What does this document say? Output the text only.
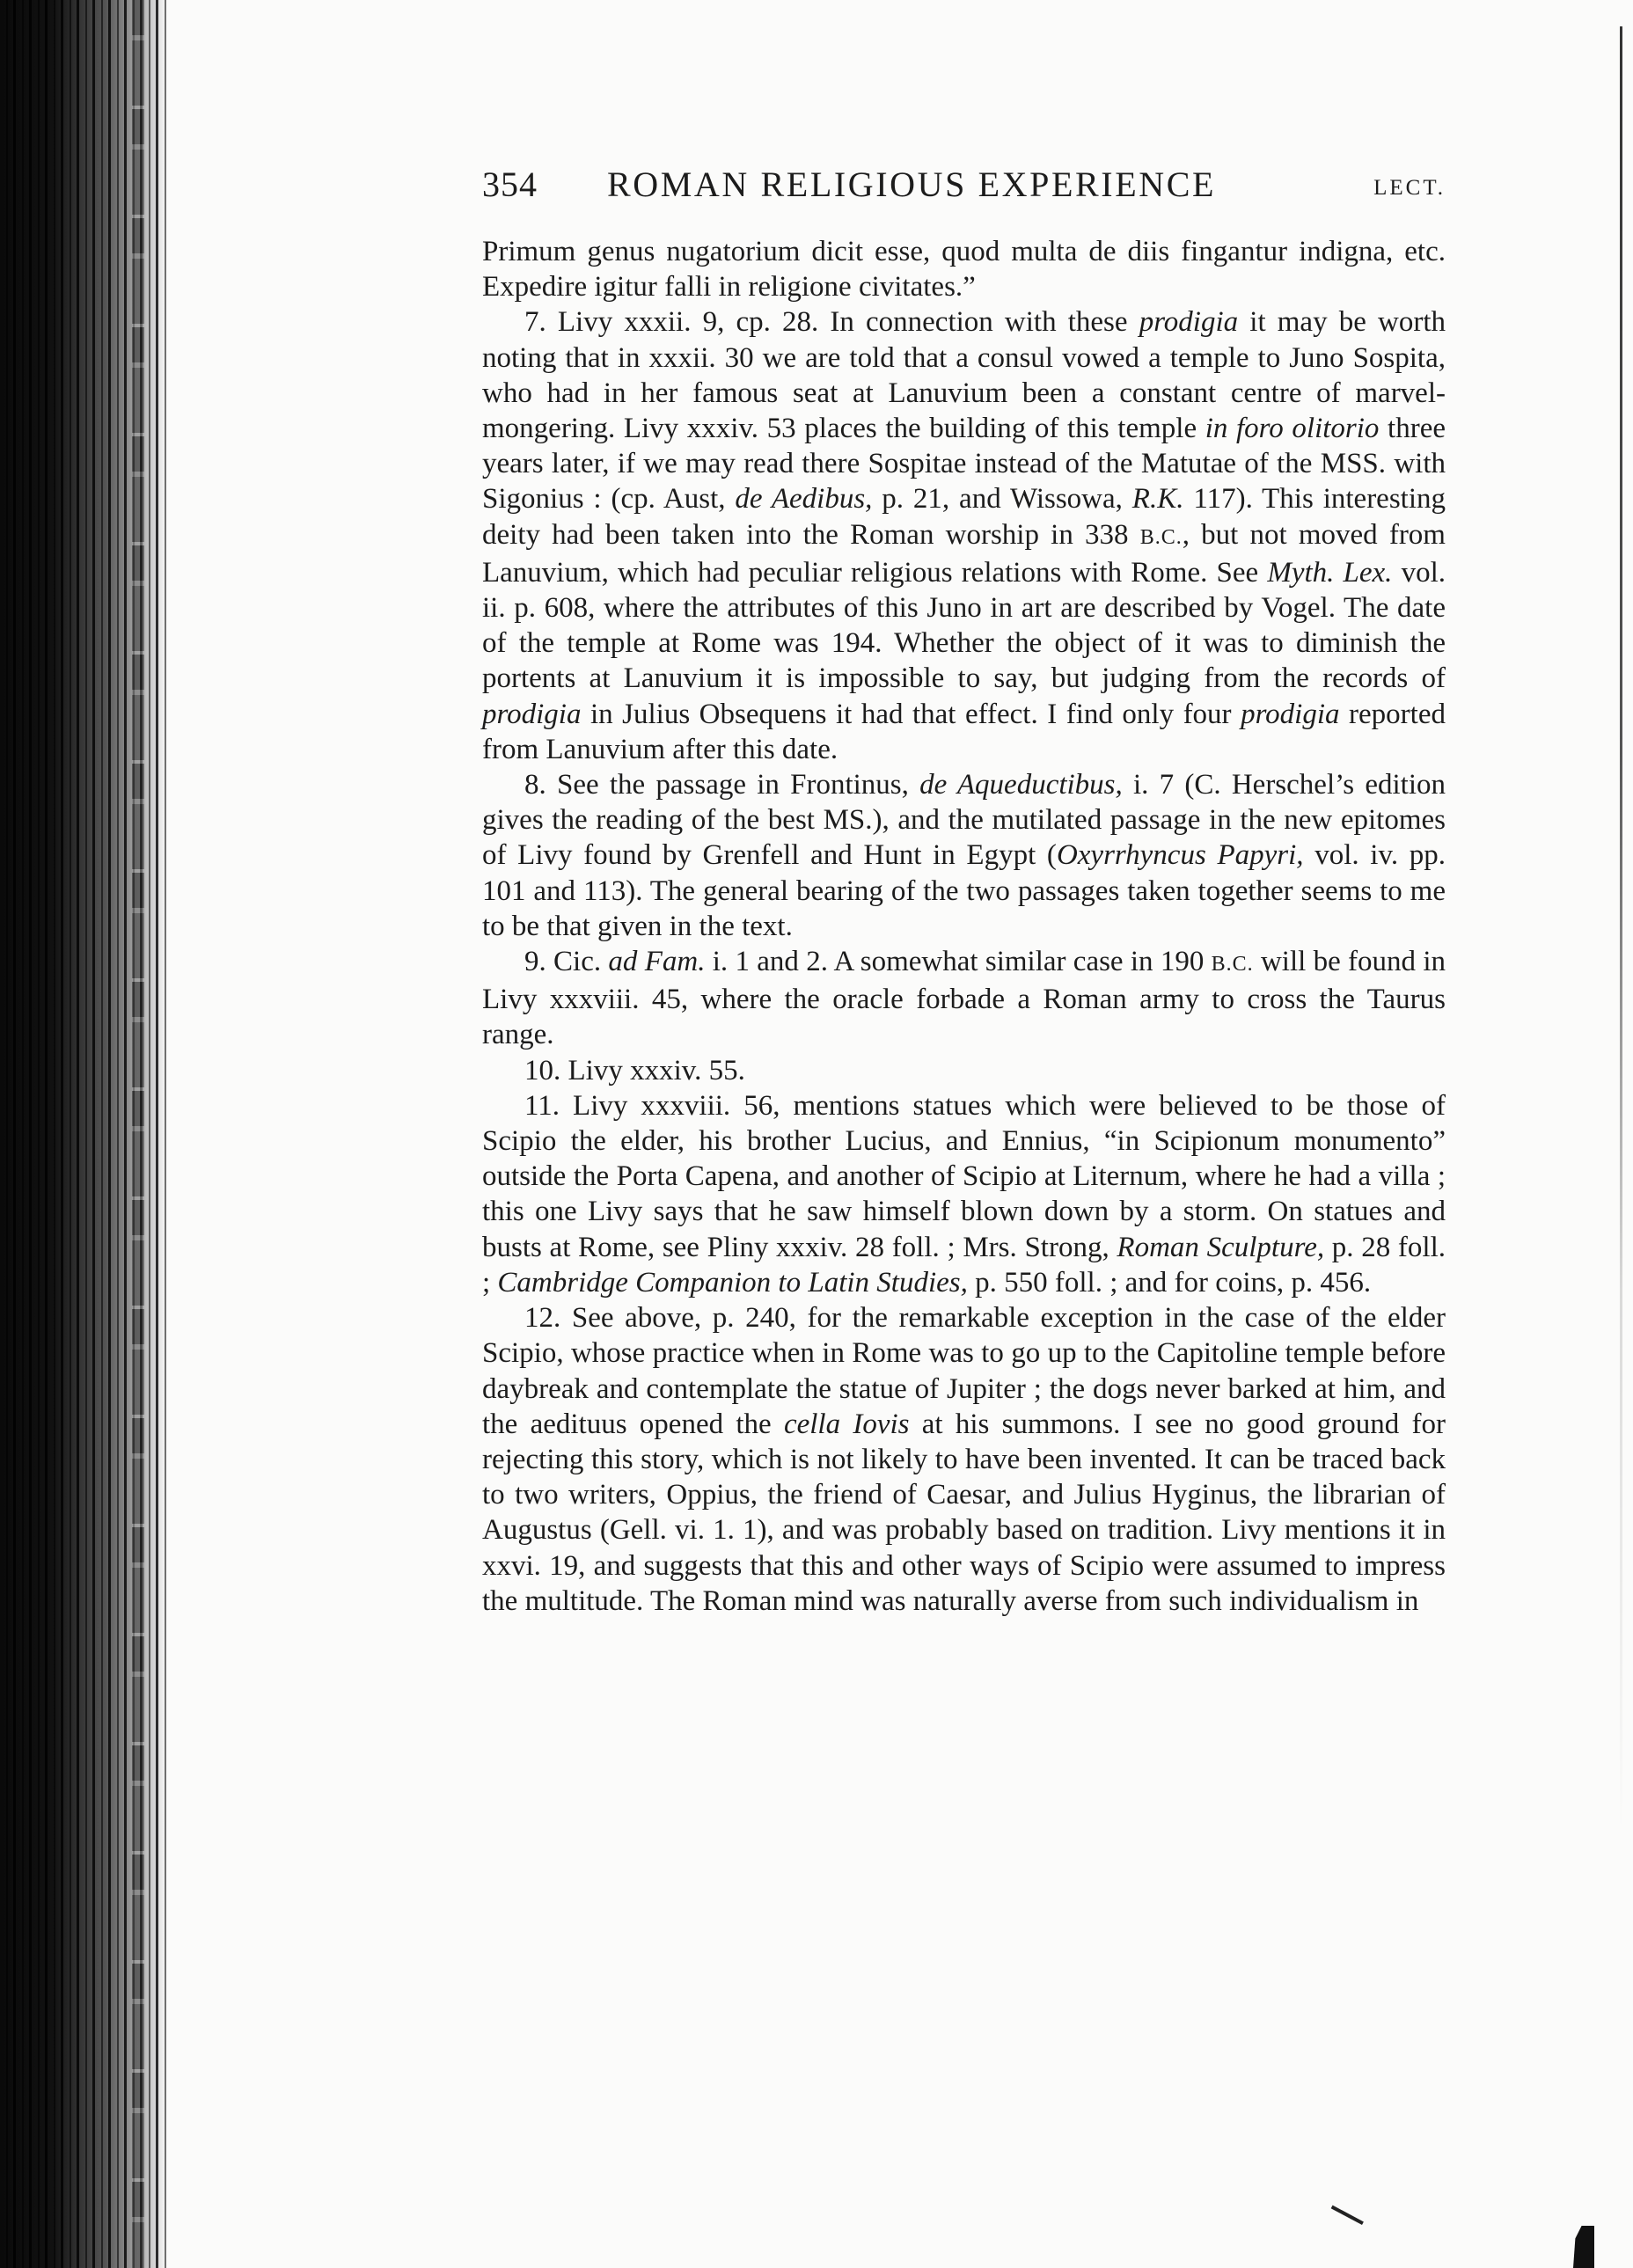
354 ROMAN RELIGIOUS EXPERIENCE	LECT.

Primum genus nugatorium dicit esse, quod multa de diis fingantur indigna, etc. Expedire igitur falli in religione civitates.”

7. Livy xxxii. 9, cp. 28. In connection with these prodigia it may be worth noting that in xxxii. 30 we are told that a consul vowed a temple to Juno Sospita, who had in her famous seat at Lanuvium been a constant centre of marvel-mongering. Livy xxxiv. 53 places the building of this temple in foro olitorio three years later, if we may read there Sospitae instead of the Matutae of the MSS. with Sigonius : (cp. Aust, de Aedibus, p. 21, and Wissowa, R.K. 117). This interesting deity had been taken into the Roman worship in 338 B.C., but not moved from Lanuvium, which had peculiar religious relations with Rome. See Myth. Lex. vol. ii. p. 608, where the attributes of this Juno in art are described by Vogel. The date of the temple at Rome was 194. Whether the object of it was to diminish the portents at Lanuvium it is impossible to say, but judging from the records of prodigia in Julius Obsequens it had that effect. I find only four prodigia reported from Lanuvium after this date.

8. See the passage in Frontinus, de Aqueductibus, i. 7 (C. Herschel’s edition gives the reading of the best MS.), and the mutilated passage in the new epitomes of Livy found by Grenfell and Hunt in Egypt (Oxyrrhyncus Papyri, vol. iv. pp. 101 and 113). The general bearing of the two passages taken together seems to me to be that given in the text.

9. Cic. ad Fam. i. 1 and 2. A somewhat similar case in 190 B.C. will be found in Livy xxxviii. 45, where the oracle forbade a Roman army to cross the Taurus range.

10. Livy xxxiv. 55.

11. Livy xxxviii. 56, mentions statues which were believed to be those of Scipio the elder, his brother Lucius, and Ennius, “in Scipionum monumento” outside the Porta Capena, and another of Scipio at Liternum, where he had a villa ; this one Livy says that he saw himself blown down by a storm. On statues and busts at Rome, see Pliny xxxiv. 28 foll. ; Mrs. Strong, Roman Sculpture, p. 28 foll. ; Cambridge Companion to Latin Studies, p. 550 foll. ; and for coins, p. 456.

12. See above, p. 240, for the remarkable exception in the case of the elder Scipio, whose practice when in Rome was to go up to the Capitoline temple before daybreak and contemplate the statue of Jupiter ; the dogs never barked at him, and the aedituus opened the cella Iovis at his summons. I see no good ground for rejecting this story, which is not likely to have been invented. It can be traced back to two writers, Oppius, the friend of Caesar, and Julius Hyginus, the librarian of Augustus (Gell. vi. 1. 1), and was probably based on tradition. Livy mentions it in xxvi. 19, and suggests that this and other ways of Scipio were assumed to impress the multitude. The Roman mind was naturally averse from such individualism in
